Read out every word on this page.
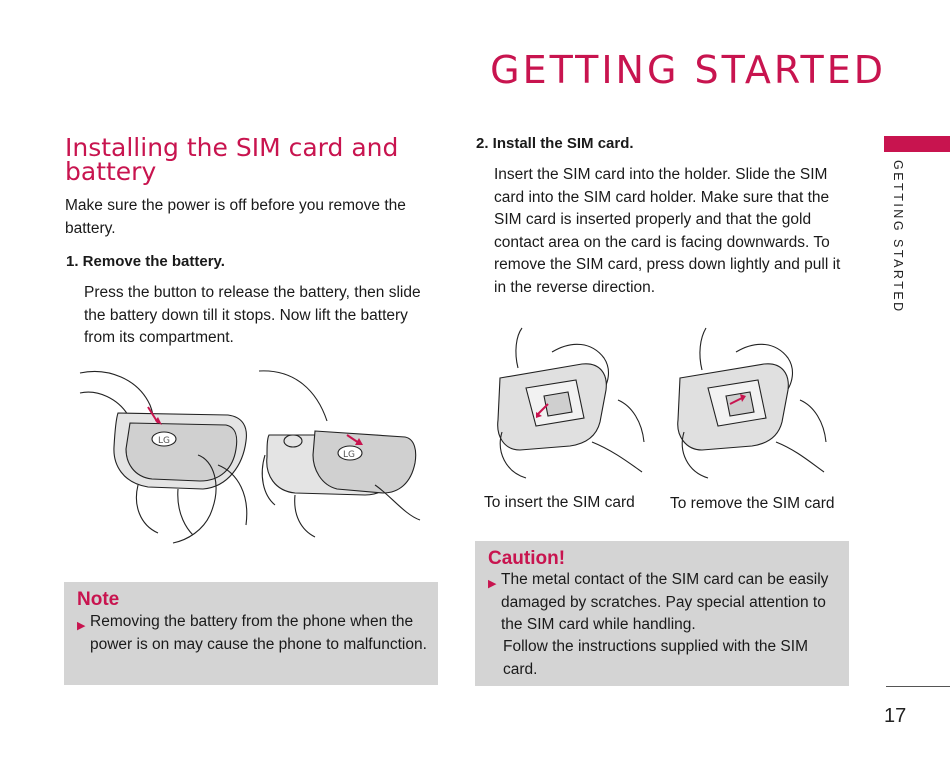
GETTING STARTED
GETTING STARTED
Installing the SIM card and battery
Make sure the power is off before you remove the battery.
1. Remove the battery.
Press the button to release the battery, then slide the battery down till it stops. Now lift the battery from its compartment.
LG
LG
Note
▶ Removing the battery from the phone when the power is on may cause the phone to malfunction.
2. Install the SIM card.
Insert the SIM card into the holder. Slide the SIM card into the SIM card holder. Make sure that the SIM card is inserted properly and that the gold contact area on the card is facing downwards. To remove the SIM card, press down lightly and pull it in the reverse direction.
To insert the SIM card To remove the SIM card
Caution!
▶ The metal contact of the SIM card can be easily damaged by scratches. Pay special attention to the SIM card while handling.
Follow the instructions supplied with the SIM card.
17
